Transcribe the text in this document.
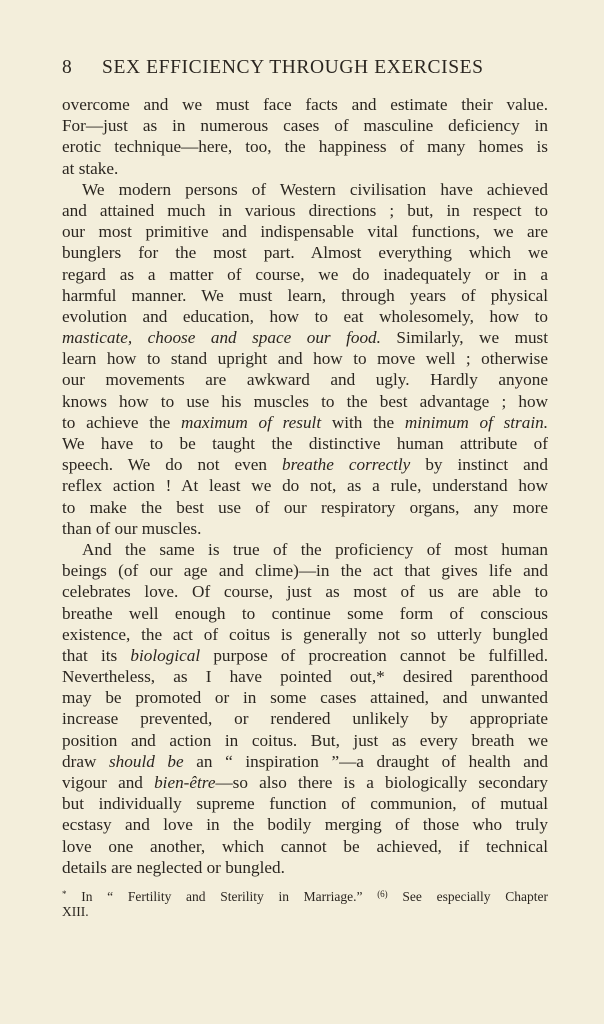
8 SEX EFFICIENCY THROUGH EXERCISES
overcome and we must face facts and estimate their value.
For—just as in numerous cases of masculine deficiency in
erotic technique—here, too, the happiness of many homes is
at stake.
We modern persons of Western civilisation have achieved
and attained much in various directions ; but, in respect to
our most primitive and indispensable vital functions, we are
bunglers for the most part. Almost everything which we
regard as a matter of course, we do inadequately or in a
harmful manner. We must learn, through years of physical
evolution and education, how to eat wholesomely, how to
masticate, choose and space our food. Similarly, we must
learn how to stand upright and how to move well ; otherwise
our movements are awkward and ugly. Hardly anyone
knows how to use his muscles to the best advantage ; how
to achieve the maximum of result with the minimum of strain.
We have to be taught the distinctive human attribute of
speech. We do not even breathe correctly by instinct and
reflex action ! At least we do not, as a rule, understand how
to make the best use of our respiratory organs, any more
than of our muscles.
And the same is true of the proficiency of most human
beings (of our age and clime)—in the act that gives life and
celebrates love. Of course, just as most of us are able to
breathe well enough to continue some form of conscious
existence, the act of coitus is generally not so utterly bungled
that its biological purpose of procreation cannot be fulfilled.
Nevertheless, as I have pointed out,* desired parenthood
may be promoted or in some cases attained, and unwanted
increase prevented, or rendered unlikely by appropriate
position and action in coitus. But, just as every breath we
draw should be an “ inspiration ”—a draught of health and
vigour and bien-être—so also there is a biologically secondary
but individually supreme function of communion, of mutual
ecstasy and love in the bodily merging of those who truly
love one another, which cannot be achieved, if technical
details are neglected or bungled.
* In “ Fertility and Sterility in Marriage.” $^{(6)}$ See especially Chapter
XIII.
